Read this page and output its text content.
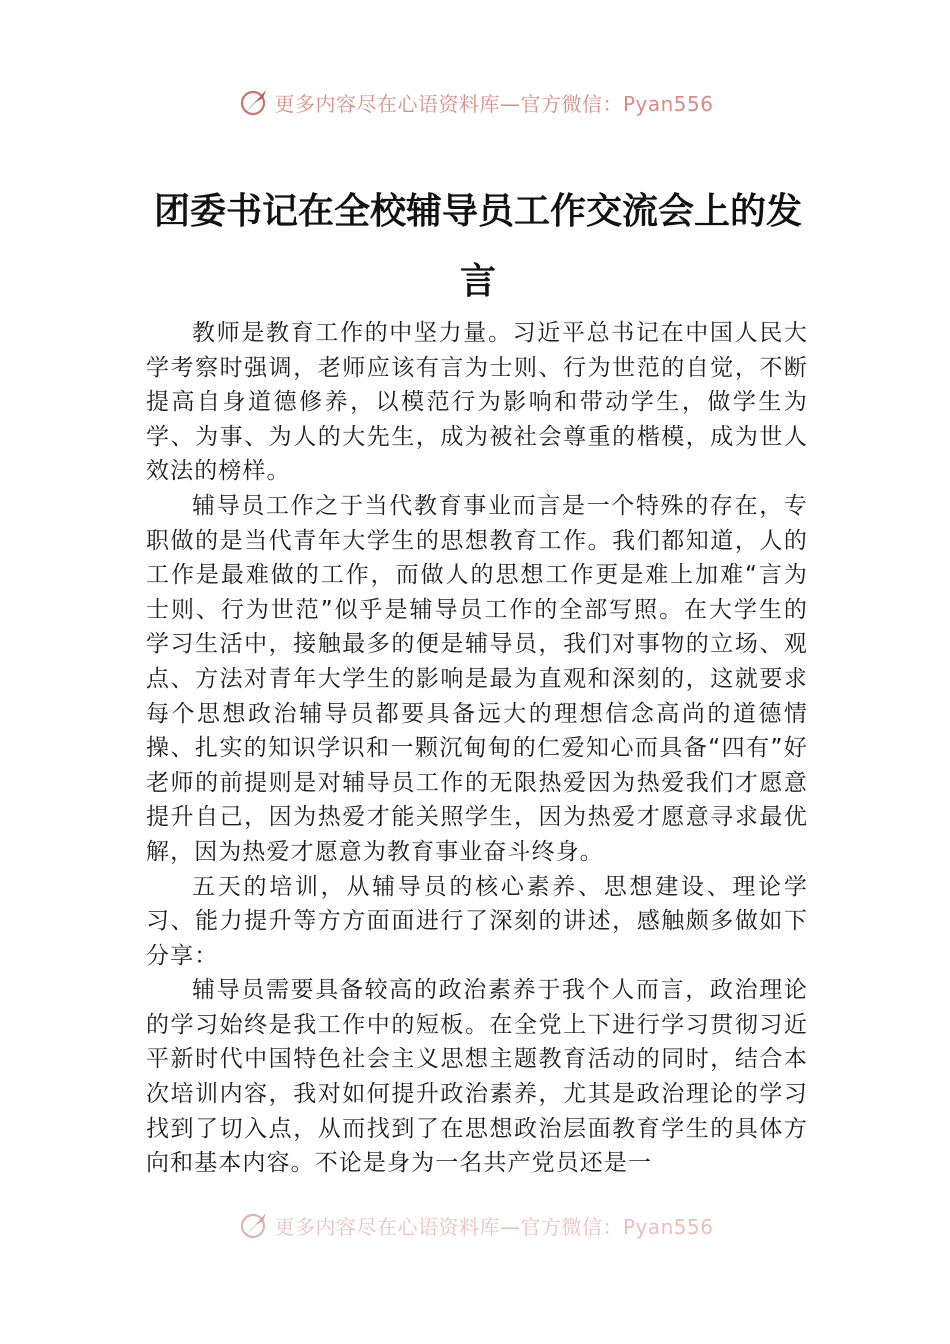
更多内容尽在心语资料库—官方微信：Pyan556
团委书记在全校辅导员工作交流会上的发言

教师是教育工作的中坚力量。习近平总书记在中国人民大学考察时强调，老师应该有言为士则、行为世范的自觉，不断提高自身道德修养，以模范行为影响和带动学生，做学生为学、为事、为人的大先生，成为被社会尊重的楷模，成为世人效法的榜样。

辅导员工作之于当代教育事业而言是一个特殊的存在，专职做的是当代青年大学生的思想教育工作。我们都知道，人的工作是最难做的工作，而做人的思想工作更是难上加难“言为士则、行为世范”似乎是辅导员工作的全部写照。在大学生的学习生活中，接触最多的便是辅导员，我们对事物的立场、观点、方法对青年大学生的影响是最为直观和深刻的，这就要求每个思想政治辅导员都要具备远大的理想信念高尚的道德情操、扎实的知识学识和一颗沉甸甸的仁爱知心而具备“四有”好老师的前提则是对辅导员工作的无限热爱因为热爱我们才愿意提升自己，因为热爱才能关照学生，因为热爱才愿意寻求最优解，因为热爱才愿意为教育事业奋斗终身。

五天的培训，从辅导员的核心素养、思想建设、理论学习、能力提升等方方面面进行了深刻的讲述，感触颇多做如下分享：

辅导员需要具备较高的政治素养于我个人而言，政治理论的学习始终是我工作中的短板。在全党上下进行学习贯彻习近平新时代中国特色社会主义思想主题教育活动的同时，结合本次培训内容，我对如何提升政治素养，尤其是政治理论的学习找到了切入点，从而找到了在思想政治层面教育学生的具体方向和基本内容。不论是身为一名共产党员还是一

更多内容尽在心语资料库—官方微信：Pyan556
